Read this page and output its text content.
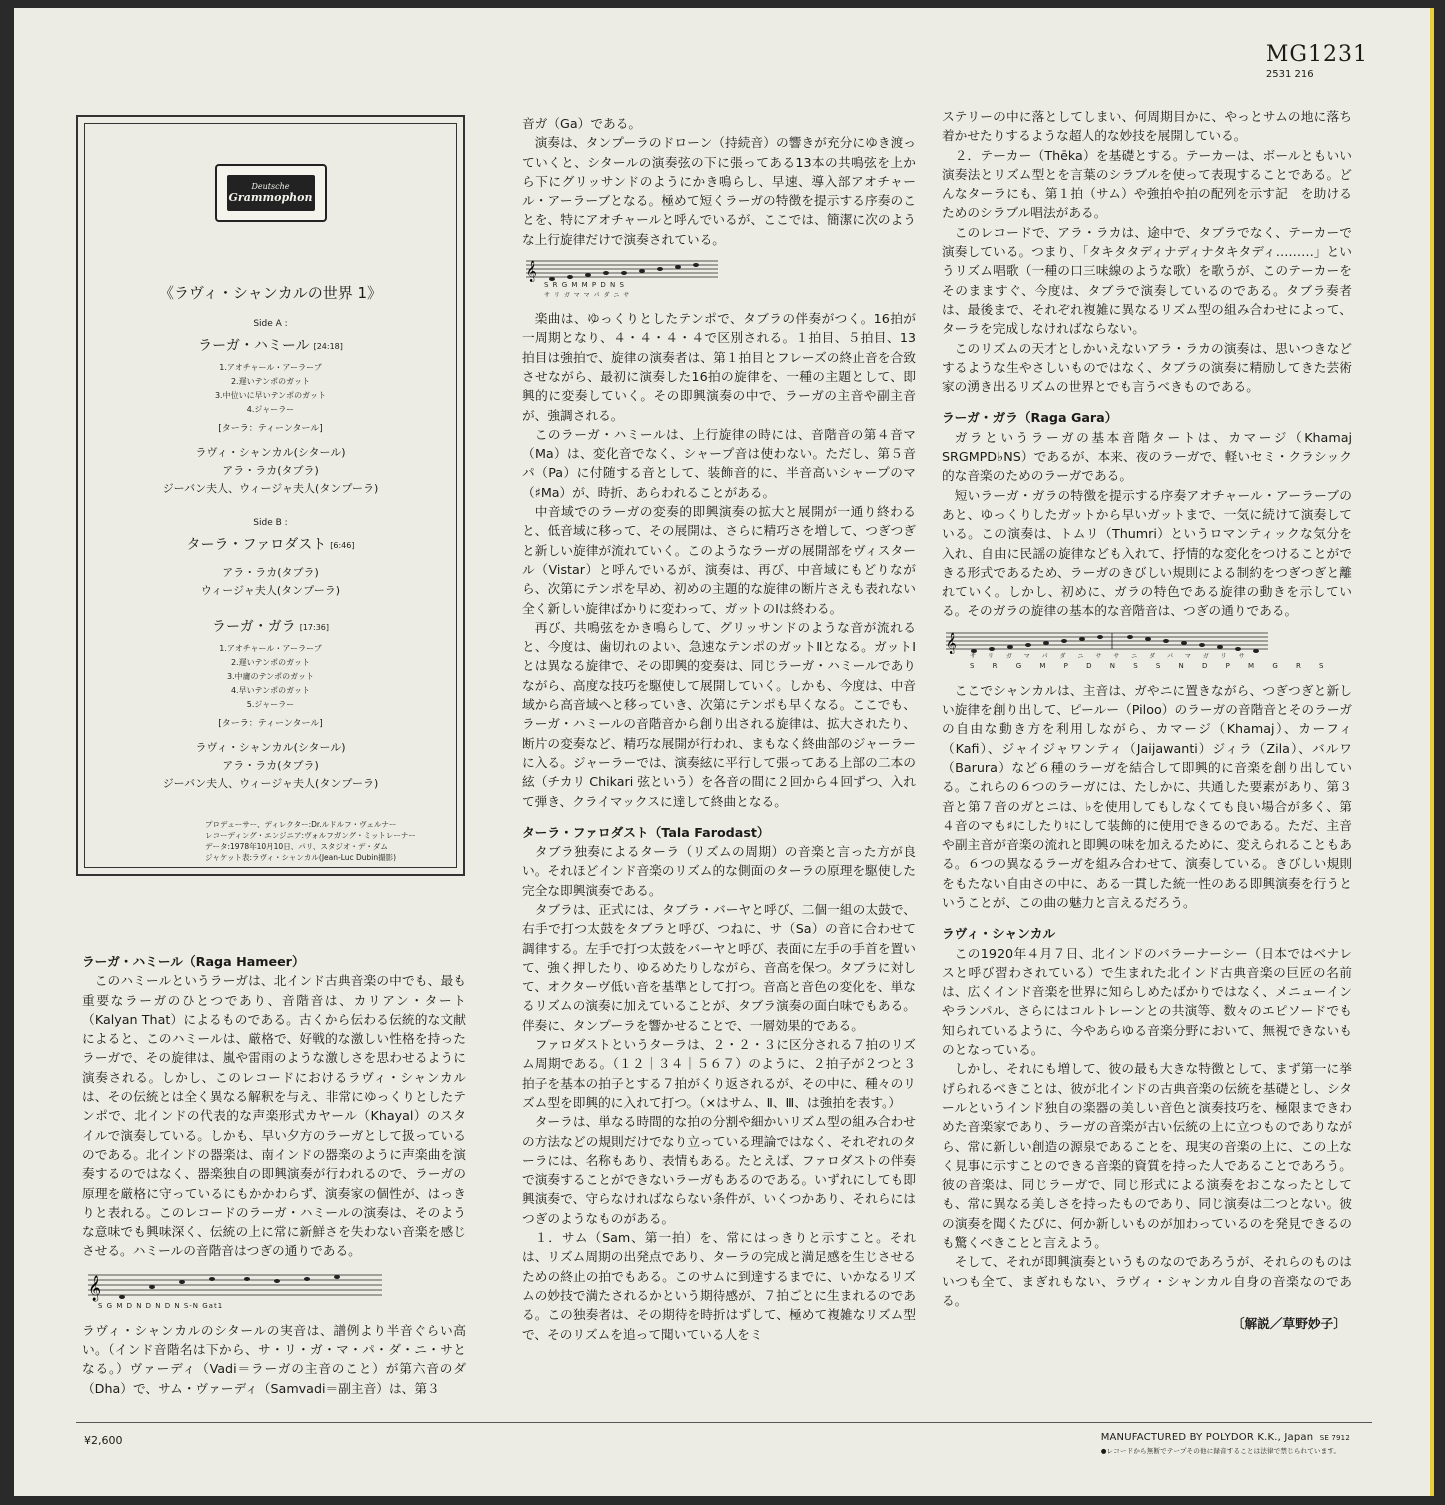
MG1231
2531 216
Deutsche
Grammophon
《ラヴィ・シャンカルの世界 1》
Side A :
ラーガ・ハミール [24:18]
1.アオチャール・アーラーブ
2.遅いテンポのガット
3.中位いに早いテンポのガット
4.ジャーラー
[ターラ：ティーンタール]
ラヴィ・シャンカル(シタール)
アラ・ラカ(タブラ)
ジーバン夫人、ウィージャ夫人(タンプーラ)
Side B :
ターラ・ファロダスト [6:46]
アラ・ラカ(タブラ)
ウィージャ夫人(タンプーラ)
ラーガ・ガラ [17:36]
1.アオチャール・アーラーブ
2.遅いテンポのガット
3.中庸のテンポのガット
4.早いテンポのガット
5.ジャーラー
[ターラ：ティーンタール]
ラヴィ・シャンカル(シタール)
アラ・ラカ(タブラ)
ジーバン夫人、ウィージャ夫人(タンプーラ)
プロデューサー、ディレクター:Dr.ルドルフ・ヴェルナー
レコーディング・エンジニア:ヴォルフガング・ミットレーナー
データ:1978年10月10日、パリ、スタジオ・デ・ダム
ジャケット表:ラヴィ・シャンカル(Jean-Luc Dubin撮影)
ラーガ・ハミール（Raga Hameer）

このハミールというラーガは、北インド古典音楽の中でも、最も重要なラーガのひとつであり、音階音は、カリアン・タート（Kalyan That）によるものである。古くから伝わる伝統的な文献によると、このハミールは、厳格で、好戦的な激しい性格を持ったラーガで、その旋律は、嵐や雷雨のような激しさを思わせるように演奏される。しかし、このレコードにおけるラヴィ・シャンカルは、その伝統とは全く異なる解釈を与え、非常にゆっくりとしたテンポで、北インドの代表的な声楽形式カヤール（Khayal）のスタイルで演奏している。しかも、早い夕方のラーガとして扱っているのである。北インドの器楽は、南インドの器楽のように声楽曲を演奏するのではなく、器楽独自の即興演奏が行われるので、ラーガの原理を厳格に守っているにもかかわらず、演奏家の個性が、はっきりと表れる。このレコードのラーガ・ハミールの演奏は、そのような意味でも興味深く、伝統の上に常に新鮮さを失わない音楽を感じさせる。ハミールの音階音はつぎの通りである。

𝄞
S G M D N D N D N S-N Gat1

ラヴィ・シャンカルのシタールの実音は、譜例より半音ぐらい高い。（インド音階名は下から、サ・リ・ガ・マ・パ・ダ・ニ・サとなる。）ヴァーディ（Vadi＝ラーガの主音のこと）が第六音のダ（Dha）で、サム・ヴァーディ（Samvadi＝副主音）は、第３

音ガ（Ga）である。

演奏は、タンプーラのドローン（持続音）の響きが充分にゆき渡っていくと、シタールの演奏弦の下に張ってある13本の共鳴弦を上から下にグリッサンドのようにかき鳴らし、早速、導入部アオチャール・アーラーブとなる。極めて短くラーガの特徴を提示する序奏のことを、特にアオチャールと呼んでいるが、ここでは、簡潔に次のような上行旋律だけで演奏されている。

𝄞
S R G M M P D N S
サ リ ガ マ マ パ ダ ニ サ

楽曲は、ゆっくりとしたテンポで、タブラの伴奏がつく。16拍が一周期となり、４・４・４・４で区別される。１拍目、５拍目、13拍目は強拍で、旋律の演奏者は、第１拍目とフレーズの終止音を合致させながら、最初に演奏した16拍の旋律を、一種の主題として、即興的に変奏していく。その即興演奏の中で、ラーガの主音や副主音が、強調される。

このラーガ・ハミールは、上行旋律の時には、音階音の第４音マ（Ma）は、変化音でなく、シャープ音は使わない。ただし、第５音パ（Pa）に付随する音として、装飾音的に、半音高いシャープのマ（♯Ma）が、時折、あらわれることがある。

中音域でのラーガの変奏的即興演奏の拡大と展開が一通り終わると、低音域に移って、その展開は、さらに精巧さを増して、つぎつぎと新しい旋律が流れていく。このようなラーガの展開部をヴィスタール（Vistar）と呼んでいるが、演奏は、再び、中音域にもどりながら、次第にテンポを早め、初めの主題的な旋律の断片さえも表れない全く新しい旋律ばかりに変わって、ガットのⅠは終わる。

再び、共鳴弦をかき鳴らして、グリッサンドのような音が流れると、今度は、歯切れのよい、急速なテンポのガットⅡとなる。ガットⅠとは異なる旋律で、その即興的変奏は、同じラーガ・ハミールでありながら、高度な技巧を駆使して展開していく。しかも、今度は、中音域から高音域へと移っていき、次第にテンポも早くなる。ここでも、ラーガ・ハミールの音階音から創り出される旋律は、拡大されたり、断片の変奏など、精巧な展開が行われ、まもなく終曲部のジャーラーに入る。ジャーラーでは、演奏絃に平行して張ってある上部の二本の絃（チカリ Chikari 弦という）を各音の間に２回から４回ずつ、入れて弾き、クライマックスに達して終曲となる。

ターラ・ファロダスト（Tala Farodast）

タブラ独奏によるターラ（リズムの周期）の音楽と言った方が良い。それほどインド音楽のリズム的な側面のターラの原理を駆使した完全な即興演奏である。

タブラは、正式には、タブラ・バーヤと呼び、二個一組の太鼓で、右手で打つ太鼓をタブラと呼び、つねに、サ（Sa）の音に合わせて調律する。左手で打つ太鼓をバーヤと呼び、表面に左手の手首を置いて、強く押したり、ゆるめたりしながら、音高を保つ。タブラに対して、オクターヴ低い音を基準として打つ。音高と音色の変化を、単なるリズムの演奏に加えていることが、タブラ演奏の面白味でもある。伴奏に、タンプーラを響かせることで、一層効果的である。

ファロダストというターラは、２・２・３に区分される７拍のリズム周期である。（１２｜３４｜５６７）のように、２拍子が２つと３拍子を基本の拍子とする７拍がくり返されるが、その中に、種々のリズム型を即興的に入れて打つ。（×はサム、Ⅱ、Ⅲ、は強拍を表す。）

ターラは、単なる時間的な拍の分割や細かいリズム型の組み合わせの方法などの規則だけでなり立っている理論ではなく、それぞれのターラには、名称もあり、表情もある。たとえば、ファロダストの伴奏で演奏することができないラーガもあるのである。いずれにしても即興演奏で、守らなければならない条件が、いくつかあり、それらにはつぎのようなものがある。

１．サム（Sam、第一拍）を、常にはっきりと示すこと。それは、リズム周期の出発点であり、ターラの完成と満足感を生じさせるための終止の拍でもある。このサムに到達するまでに、いかなるリズムの妙技で満たされるかという期待感が、７拍ごとに生まれるのである。この独奏者は、その期待を時折はずして、極めて複雑なリズム型で、そのリズムを追って聞いている人をミ

ステリーの中に落としてしまい、何周期目かに、やっとサムの地に落ち着かせたりするような超人的な妙技を展開している。

２．テーカー（Thēka）を基礎とする。テーカーは、ボールともいい演奏法とリズム型とを言葉のシラブルを使って表現することである。どんなターラにも、第１拍（サム）や強拍や拍の配列を示す記　を助けるためのシラブル唱法がある。

このレコードで、アラ・ラカは、途中で、タブラでなく、テーカーで演奏している。つまり、「タキタタディナディナタキタディ………」というリズム唱歌（一種の口三味線のような歌）を歌うが、このテーカーをそのまますぐ、今度は、タブラで演奏しているのである。タブラ奏者は、最後まで、それぞれ複雑に異なるリズム型の組み合わせによって、ターラを完成しなければならない。

このリズムの天才としかいえないアラ・ラカの演奏は、思いつきなどするような生やさしいものではなく、タブラの演奏に精励してきた芸術家の湧き出るリズムの世界とでも言うべきものである。

ラーガ・ガラ（Raga Gara）

ガラというラーガの基本音階タートは、カマージ（Khamaj SRGMPD♭NS）であるが、本来、夜のラーガで、軽いセミ・クラシック的な音楽のためのラーガである。

短いラーガ・ガラの特徴を提示する序奏アオチャール・アーラーブのあと、ゆっくりしたガットから早いガットまで、一気に続けて演奏している。この演奏は、トムリ（Thumri）というロマンティックな気分を入れ、自由に民謡の旋律なども入れて、抒情的な変化をつけることができる形式であるため、ラーガのきびしい規則による制約をつぎつぎと離れていく。しかし、初めに、ガラの特色である旋律の動きを示している。そのガラの旋律の基本的な音階音は、つぎの通りである。

𝄞
サ リ ガ マ パ ダ ニ サ サ ニ ダ パ マ ガ リ サ
S R G M P D N S S N D P M G R S

ここでシャンカルは、主音は、ガやニに置きながら、つぎつぎと新しい旋律を創り出して、ピールー（Piloo）のラーガの音階音とそのラーガの自由な動き方を利用しながら、カマージ（Khamaj）、カーフィ（Kafi）、ジャイジャワンティ（Jaijawanti）ジィラ（Zila）、バルワ（Barura）など６種のラーガを結合して即興的に音楽を創り出している。これらの６つのラーガには、たしかに、共通した要素があり、第３音と第７音のガとニは、♭を使用してもしなくても良い場合が多く、第４音のマも♯にしたり♮にして装飾的に使用できるのである。ただ、主音や副主音が音楽の流れと即興の味を加えるために、変えられることもある。６つの異なるラーガを組み合わせて、演奏している。きびしい規則をもたない自由さの中に、ある一貫した統一性のある即興演奏を行うということが、この曲の魅力と言えるだろう。

ラヴィ・シャンカル

この1920年４月７日、北インドのバラーナーシー（日本ではベナレスと呼び習わされている）で生まれた北インド古典音楽の巨匠の名前は、広くインド音楽を世界に知らしめたばかりではなく、メニューインやランパル、さらにはコルトレーンとの共演等、数々のエピソードでも知られているように、今やあらゆる音楽分野において、無視できないものとなっている。

しかし、それにも増して、彼の最も大きな特徴として、まず第一に挙げられるべきことは、彼が北インドの古典音楽の伝統を基礎とし、シタールというインド独自の楽器の美しい音色と演奏技巧を、極限まできわめた音楽家であり、ラーガの音楽が古い伝統の上に立つものでありながら、常に新しい創造の源泉であることを、現実の音楽の上に、この上なく見事に示すことのできる音楽的資質を持った人であることであろう。彼の音楽は、同じラーガで、同じ形式による演奏をおこなったとしても、常に異なる美しさを持ったものであり、同じ演奏は二つとない。彼の演奏を聞くたびに、何か新しいものが加わっているのを発見できるのも驚くべきことと言えよう。

そして、それが即興演奏というものなのであろうが、それらのものはいつも全て、まぎれもない、ラヴィ・シャンカル自身の音楽なのである。

〔解説／草野妙子〕
¥2,600	MANUFACTURED BY POLYDOR K.K., Japan SE 7912
●レコードから無断でテープその他に録音することは法律で禁じられています。
